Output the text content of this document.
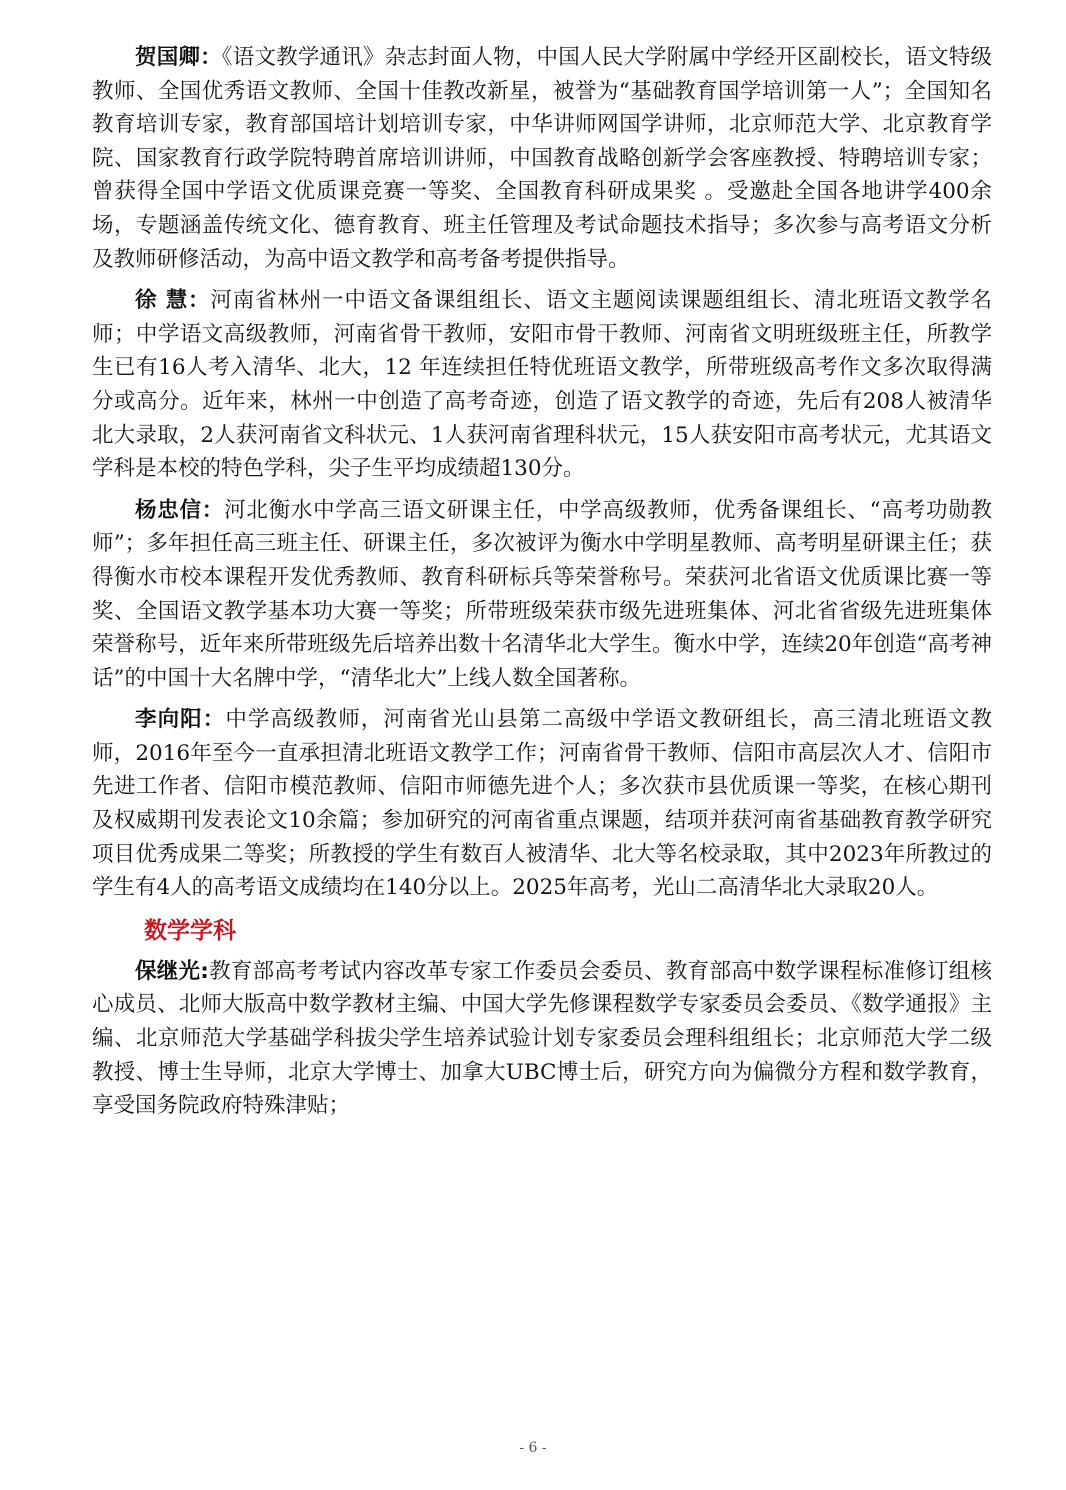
贺国卿：《语文教学通讯》杂志封面人物，中国人民大学附属中学经开区副校长，语文特级教师、全国优秀语文教师、全国十佳教改新星，被誉为“基础教育国学培训第一人”；全国知名教育培训专家，教育部国培计划培训专家，中华讲师网国学讲师，北京师范大学、北京教育学院、国家教育行政学院特聘首席培训讲师，中国教育战略创新学会客座教授、特聘培训专家；曾获得全国中学语文优质课竞赛一等奖、全国教育科研成果奖 。受邀赴全国各地讲学400余场，专题涵盖传统文化、德育教育、班主任管理及考试命题技术指导；多次参与高考语文分析及教师研修活动，为高中语文教学和高考备考提供指导。

徐 慧：河南省林州一中语文备课组组长、语文主题阅读课题组组长、清北班语文教学名师；中学语文高级教师，河南省骨干教师，安阳市骨干教师、河南省文明班级班主任，所教学生已有16人考入清华、北大，12 年连续担任特优班语文教学，所带班级高考作文多次取得满分或高分。近年来，林州一中创造了高考奇迹，创造了语文教学的奇迹，先后有208人被清华北大录取，2人获河南省文科状元、1人获河南省理科状元，15人获安阳市高考状元，尤其语文学科是本校的特色学科，尖子生平均成绩超130分。

杨忠信：河北衡水中学高三语文研课主任，中学高级教师，优秀备课组长、“高考功勋教师”；多年担任高三班主任、研课主任，多次被评为衡水中学明星教师、高考明星研课主任；获得衡水市校本课程开发优秀教师、教育科研标兵等荣誉称号。荣获河北省语文优质课比赛一等奖、全国语文教学基本功大赛一等奖；所带班级荣获市级先进班集体、河北省省级先进班集体荣誉称号，近年来所带班级先后培养出数十名清华北大学生。衡水中学，连续20年创造“高考神话”的中国十大名牌中学，“清华北大”上线人数全国著称。

李向阳：中学高级教师，河南省光山县第二高级中学语文教研组长，高三清北班语文教师，2016年至今一直承担清北班语文教学工作；河南省骨干教师、信阳市高层次人才、信阳市先进工作者、信阳市模范教师、信阳市师德先进个人；多次获市县优质课一等奖，在核心期刊及权威期刊发表论文10余篇；参加研究的河南省重点课题，结项并获河南省基础教育教学研究项目优秀成果二等奖；所教授的学生有数百人被清华、北大等名校录取，其中2023年所教过的学生有4人的高考语文成绩均在140分以上。2025年高考，光山二高清华北大录取20人。

数学学科

保继光:教育部高考考试内容改革专家工作委员会委员、教育部高中数学课程标准修订组核心成员、北师大版高中数学教材主编、中国大学先修课程数学专家委员会委员、《数学通报》主编、北京师范大学基础学科拔尖学生培养试验计划专家委员会理科组组长；北京师范大学二级教授、博士生导师，北京大学博士、加拿大UBC博士后，研究方向为偏微分方程和数学教育，享受国务院政府特殊津贴；

- 6 -
